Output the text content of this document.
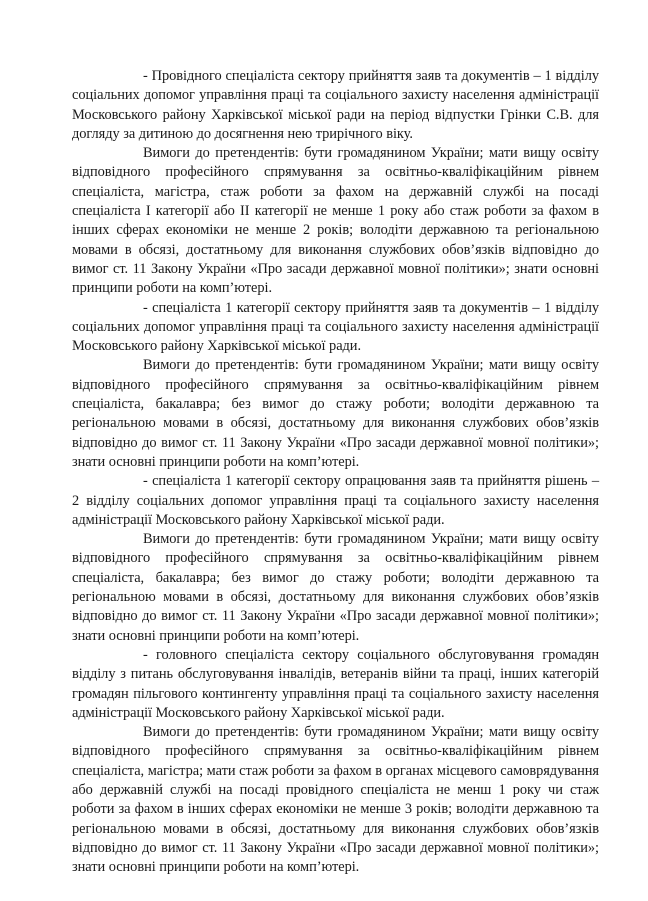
- Провідного спеціаліста сектору прийняття заяв та документів – 1 відділу соціальних допомог управління праці та соціального захисту населення адміністрації Московського району Харківської міської ради на період відпустки Грінки С.В. для догляду за дитиною до досягнення нею трирічного віку.

Вимоги до претендентів: бути громадянином України; мати вищу освіту відповідного професійного спрямування за освітньо-кваліфікаційним рівнем спеціаліста, магістра, стаж роботи за фахом на державній службі на посаді спеціаліста I категорії або II категорії не менше 1 року або стаж роботи за фахом в інших сферах економіки не менше 2 років; володіти державною та регіональною мовами в обсязі, достатньому для виконання службових обов’язків відповідно до вимог ст. 11 Закону України «Про засади державної мовної політики»; знати основні принципи роботи на комп’ютері.

- спеціаліста 1 категорії сектору прийняття заяв та документів – 1 відділу соціальних допомог управління праці та соціального захисту населення адміністрації Московського району Харківської міської ради.

Вимоги до претендентів: бути громадянином України; мати вищу освіту відповідного професійного спрямування за освітньо-кваліфікаційним рівнем спеціаліста, бакалавра; без вимог до стажу роботи; володіти державною та регіональною мовами в обсязі, достатньому для виконання службових обов’язків відповідно до вимог ст. 11 Закону України «Про засади державної мовної політики»; знати основні принципи роботи на комп’ютері.

- спеціаліста 1 категорії сектору опрацювання заяв та прийняття рішень – 2 відділу соціальних допомог управління праці та соціального захисту населення адміністрації Московського району Харківської міської ради.

Вимоги до претендентів: бути громадянином України; мати вищу освіту відповідного професійного спрямування за освітньо-кваліфікаційним рівнем спеціаліста, бакалавра; без вимог до стажу роботи; володіти державною та регіональною мовами в обсязі, достатньому для виконання службових обов’язків відповідно до вимог ст. 11 Закону України «Про засади державної мовної політики»; знати основні принципи роботи на комп’ютері.

- головного спеціаліста сектору соціального обслуговування громадян відділу з питань обслуговування інвалідів, ветеранів війни та праці, інших категорій громадян пільгового контингенту управління праці та соціального захисту населення адміністрації Московського району Харківської міської ради.

Вимоги до претендентів: бути громадянином України; мати вищу освіту відповідного професійного спрямування за освітньо-кваліфікаційним рівнем спеціаліста, магістра; мати стаж роботи за фахом в органах місцевого самоврядування або державній службі на посаді провідного спеціаліста не менш 1 року чи стаж роботи за фахом в інших сферах економіки не менше 3 років; володіти державною та регіональною мовами в обсязі, достатньому для виконання службових обов’язків відповідно до вимог ст. 11 Закону України «Про засади державної мовної політики»; знати основні принципи роботи на комп’ютері.
